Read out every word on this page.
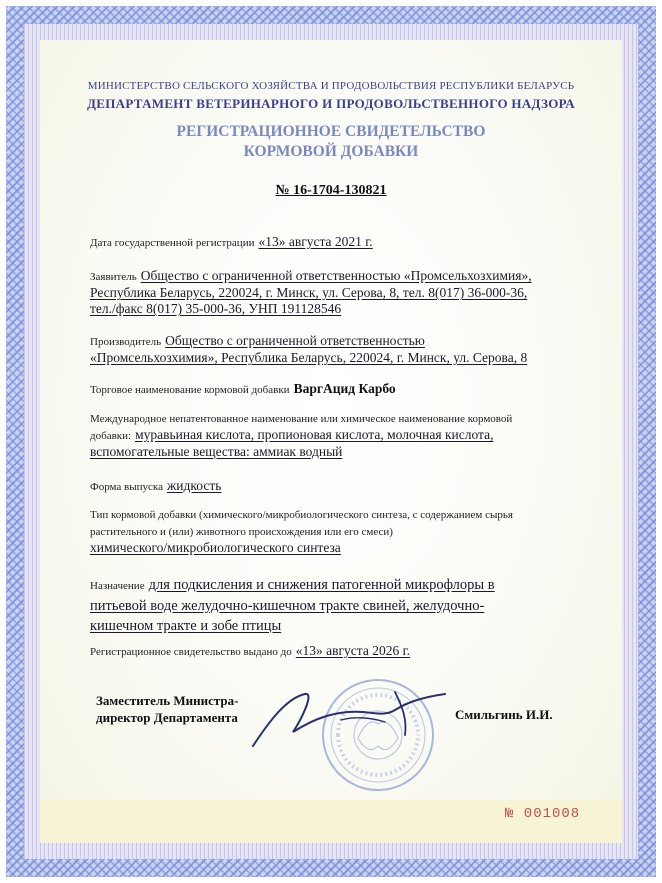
МИНИСТЕРСТВО СЕЛЬСКОГО ХОЗЯЙСТВА И ПРОДОВОЛЬСТВИЯ РЕСПУБЛИКИ БЕЛАРУСЬ
ДЕПАРТАМЕНТ ВЕТЕРИНАРНОГО И ПРОДОВОЛЬСТВЕННОГО НАДЗОРА
РЕГИСТРАЦИОННОЕ СВИДЕТЕЛЬСТВО
КОРМОВОЙ ДОБАВКИ
№ 16-1704-130821
Дата государственной регистрации «13» августа 2021 г.
Заявитель Общество с ограниченной ответственностью «Промсельхозхимия»,
Республика Беларусь, 220024, г. Минск, ул. Серова, 8, тел. 8(017) 36-000-36,
тел./факс 8(017) 35-000-36, УНП 191128546
Производитель Общество с ограниченной ответственностью
«Промсельхозхимия», Республика Беларусь, 220024, г. Минск, ул. Серова, 8
Торговое наименование кормовой добавки ВаргАцид Карбо
Международное непатентованное наименование или химическое наименование кормовой
добавки: муравьиная кислота, пропионовая кислота, молочная кислота,
вспомогательные вещества: аммиак водный
Форма выпуска жидкость
Тип кормовой добавки (химического/микробиологического синтеза, с содержанием сырья
растительного и (или) животного происхождения или его смеси)
химического/микробиологического синтеза
Назначение для подкисления и снижения патогенной микрофлоры в
питьевой воде желудочно-кишечном тракте свиней, желудочно-
кишечном тракте и зобе птицы
Регистрационное свидетельство выдано до «13» августа 2026 г.
Заместитель Министра-
директор Департамента	Смильгинь И.И.
№ 001008
